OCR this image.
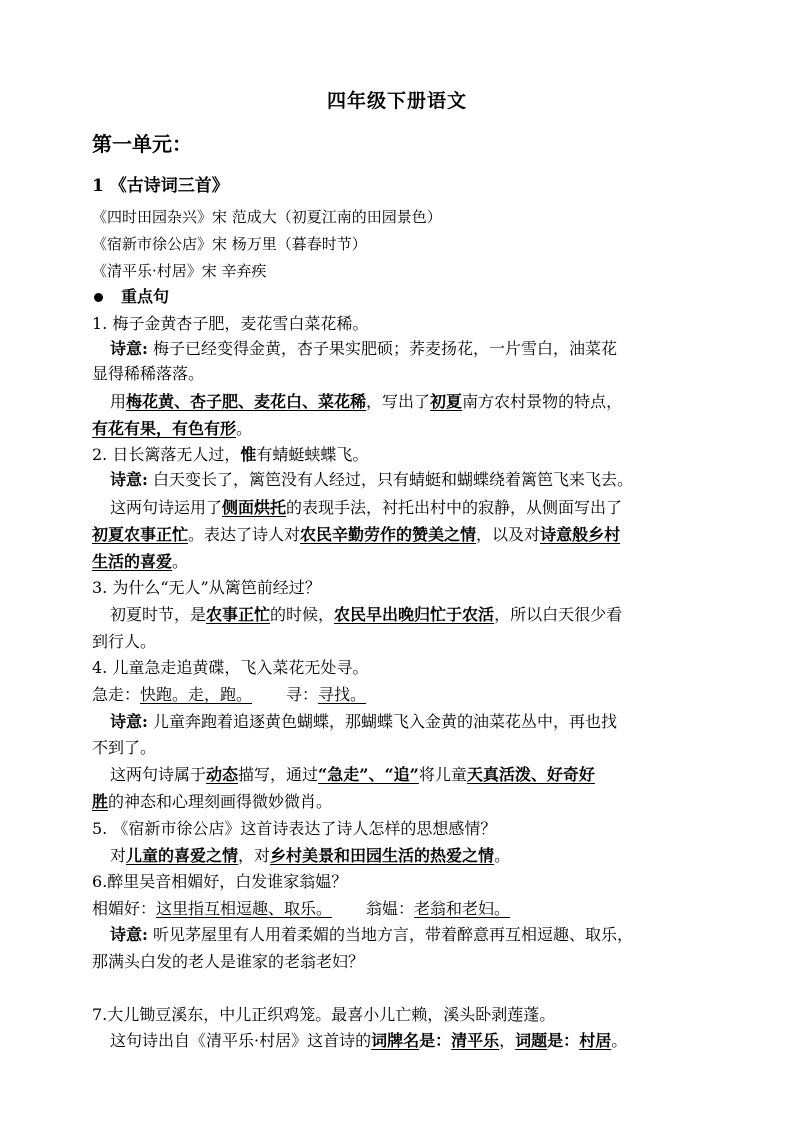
四年级下册语文
第一单元：
1 《古诗词三首》
《四时田园杂兴》宋 范成大（初夏江南的田园景色）
《宿新市徐公店》宋 杨万里（暮春时节）
《清平乐·村居》宋 辛弃疾
重点句
1. 梅子金黄杏子肥，麦花雪白菜花稀。
诗意: 梅子已经变得金黄，杏子果实肥硕；荞麦扬花，一片雪白，油菜花
显得稀稀落落。
用梅花黄、杏子肥、麦花白、菜花稀，写出了初夏南方农村景物的特点，
有花有果，有色有形。
2. 日长篱落无人过，惟有蜻蜓蛱蝶飞。
诗意: 白天变长了，篱笆没有人经过，只有蜻蜓和蝴蝶绕着篱笆飞来飞去。
这两句诗运用了侧面烘托的表现手法，衬托出村中的寂静，从侧面写出了
初夏农事正忙。表达了诗人对农民辛勤劳作的赞美之情，以及对诗意般乡村
生活的喜爱。
3. 为什么“无人”从篱笆前经过？
初夏时节，是农事正忙的时候，农民早出晚归忙于农活，所以白天很少看
到行人。
4. 儿童急走追黄碟，飞入菜花无处寻。
急走：快跑。走，跑。 寻：寻找。
诗意: 儿童奔跑着追逐黄色蝴蝶，那蝴蝶飞入金黄的油菜花丛中，再也找
不到了。
这两句诗属于动态描写，通过“急走”、“追”将儿童天真活泼、好奇好
胜的神态和心理刻画得微妙微肖。
5. 《宿新市徐公店》这首诗表达了诗人怎样的思想感情？
对儿童的喜爱之情，对乡村美景和田园生活的热爱之情。
6.醉里吴音相媚好，白发谁家翁媪？
相媚好：这里指互相逗趣、取乐。 翁媪：老翁和老妇。
诗意: 听见茅屋里有人用着柔媚的当地方言，带着醉意再互相逗趣、取乐，
那满头白发的老人是谁家的老翁老妇？
7.大儿锄豆溪东，中儿正织鸡笼。最喜小儿亡赖，溪头卧剥莲蓬。
这句诗出自《清平乐·村居》这首诗的词牌名是：清平乐，词题是：村居。
